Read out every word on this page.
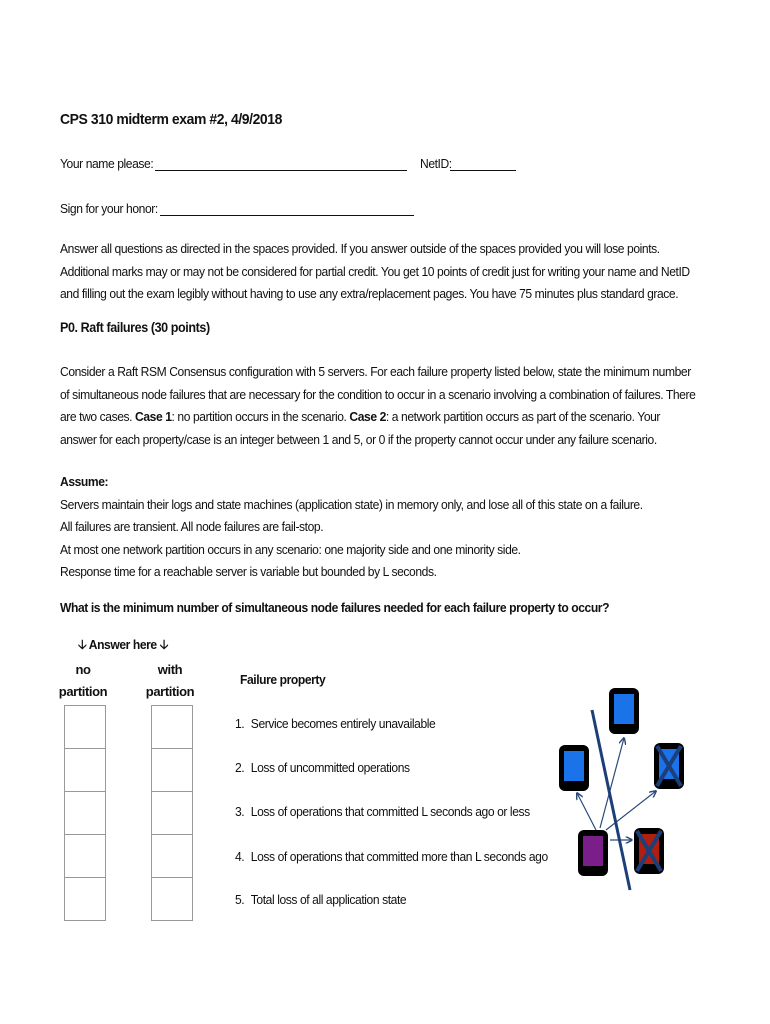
CPS 310 midterm exam #2, 4/9/2018
Your name please:	NetID:
Sign for your honor:

Answer all questions as directed in the spaces provided. If you answer outside of the spaces provided you will lose points.

Additional marks may or may not be considered for partial credit. You get 10 points of credit just for writing your name and NetID

and filling out the exam legibly without having to use any extra/replacement pages. You have 75 minutes plus standard grace.

P0. Raft failures (30 points)

Consider a Raft RSM Consensus configuration with 5 servers. For each failure property listed below, state the minimum number

of simultaneous node failures that are necessary for the condition to occur in a scenario involving a combination of failures. There

are two cases. Case 1: no partition occurs in the scenario. Case 2: a network partition occurs as part of the scenario. Your

answer for each property/case is an integer between 1 and 5, or 0 if the property cannot occur under any failure scenario.

Assume:

Servers maintain their logs and state machines (application state) in memory only, and lose all of this state on a failure.

All failures are transient. All node failures are fail-stop.

At most one network partition occurs in any scenario: one majority side and one minority side.

Response time for a reachable server is variable but bounded by L seconds.

What is the minimum number of simultaneous node failures needed for each failure property to occur?
🡣 Answer here 🡣
no
partition
with
partition
Failure property
1. Service becomes entirely unavailable
2. Loss of uncommitted operations
3. Loss of operations that committed L seconds ago or less
4. Loss of operations that committed more than L seconds ago
5. Total loss of all application state
